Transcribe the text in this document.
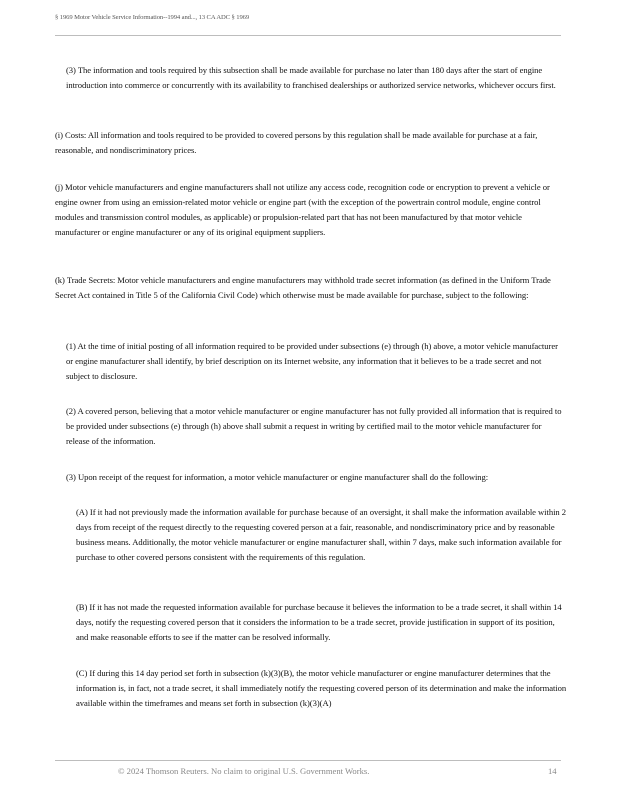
§ 1969 Motor Vehicle Service Information--1994 and..., 13 CA ADC § 1969

(3) The information and tools required by this subsection shall be made available for purchase no later than 180 days after the start of engine introduction into commerce or concurrently with its availability to franchised dealerships or authorized service networks, whichever occurs first.

(i) Costs: All information and tools required to be provided to covered persons by this regulation shall be made available for purchase at a fair, reasonable, and nondiscriminatory prices.

(j) Motor vehicle manufacturers and engine manufacturers shall not utilize any access code, recognition code or encryption to prevent a vehicle or engine owner from using an emission-related motor vehicle or engine part (with the exception of the powertrain control module, engine control modules and transmission control modules, as applicable) or propulsion-related part that has not been manufactured by that motor vehicle manufacturer or engine manufacturer or any of its original equipment suppliers.

(k) Trade Secrets: Motor vehicle manufacturers and engine manufacturers may withhold trade secret information (as defined in the Uniform Trade Secret Act contained in Title 5 of the California Civil Code) which otherwise must be made available for purchase, subject to the following:

(1) At the time of initial posting of all information required to be provided under subsections (e) through (h) above, a motor vehicle manufacturer or engine manufacturer shall identify, by brief description on its Internet website, any information that it believes to be a trade secret and not subject to disclosure.

(2) A covered person, believing that a motor vehicle manufacturer or engine manufacturer has not fully provided all information that is required to be provided under subsections (e) through (h) above shall submit a request in writing by certified mail to the motor vehicle manufacturer for release of the information.

(3) Upon receipt of the request for information, a motor vehicle manufacturer or engine manufacturer shall do the following:

(A) If it had not previously made the information available for purchase because of an oversight, it shall make the information available within 2 days from receipt of the request directly to the requesting covered person at a fair, reasonable, and nondiscriminatory price and by reasonable business means. Additionally, the motor vehicle manufacturer or engine manufacturer shall, within 7 days, make such information available for purchase to other covered persons consistent with the requirements of this regulation.

(B) If it has not made the requested information available for purchase because it believes the information to be a trade secret, it shall within 14 days, notify the requesting covered person that it considers the information to be a trade secret, provide justification in support of its position, and make reasonable efforts to see if the matter can be resolved informally.

(C) If during this 14 day period set forth in subsection (k)(3)(B), the motor vehicle manufacturer or engine manufacturer determines that the information is, in fact, not a trade secret, it shall immediately notify the requesting covered person of its determination and make the information available within the timeframes and means set forth in subsection (k)(3)(A)

© 2024 Thomson Reuters. No claim to original U.S. Government Works.	14
